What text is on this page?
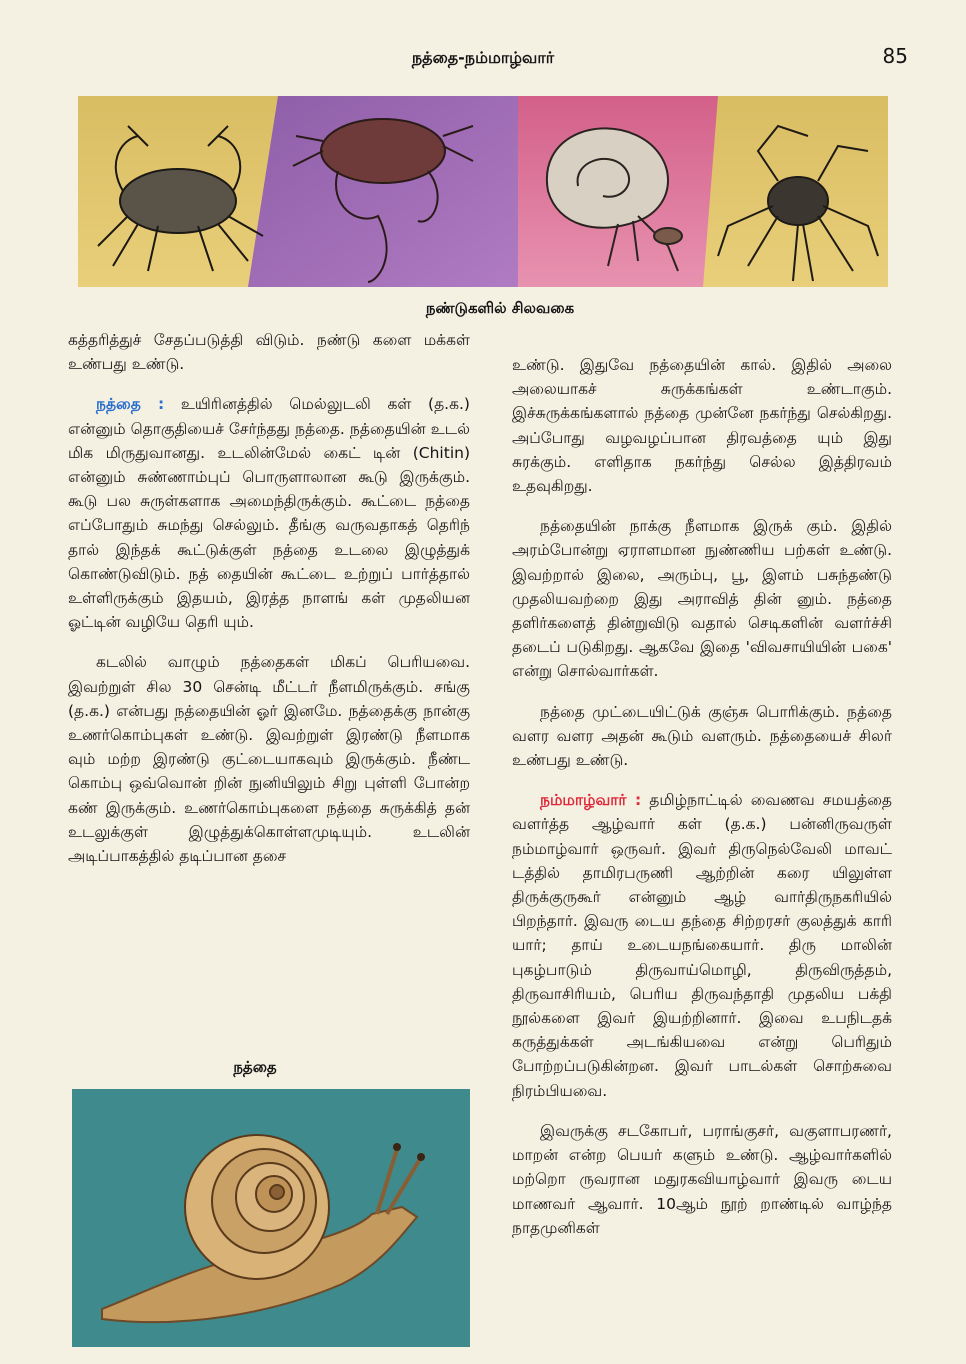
நத்தை-நம்மாழ்வார்	85
நண்டுகளில் சிலவகை

கத்தரித்துச் சேதப்படுத்தி விடும். நண்டு களை மக்கள் உண்பது உண்டு.

நத்தை : உயிரினத்தில் மெல்லுடலி கள் (த.க.) என்னும் தொகுதியைச் சேர்ந்தது நத்தை. நத்தையின் உடல் மிக மிருதுவானது. உடலின்மேல் கைட் டின் (Chitin) என்னும் சுண்ணாம்புப் பொருளாலான கூடு இருக்கும். கூடு பல சுருள்களாக அமைந்திருக்கும். கூட்டை நத்தை எப்போதும் சுமந்து செல்லும். தீங்கு வருவதாகத் தெரிந் தால் இந்தக் கூட்டுக்குள் நத்தை உடலை இழுத்துக் கொண்டுவிடும். நத் தையின் கூட்டை உற்றுப் பார்த்தால் உள்ளிருக்கும் இதயம், இரத்த நாளங் கள் முதலியன ஓட்டின் வழியே தெரி யும்.

கடலில் வாழும் நத்தைகள் மிகப் பெரியவை. இவற்றுள் சில 30 சென்டி மீட்டர் நீளமிருக்கும். சங்கு (த.க.) என்பது நத்தையின் ஓர் இனமே. நத்தைக்கு நான்கு உணர்கொம்புகள் உண்டு. இவற்றுள் இரண்டு நீளமாக வும் மற்ற இரண்டு குட்டையாகவும் இருக்கும். நீண்ட கொம்பு ஒவ்வொன் றின் நுனியிலும் சிறு புள்ளி போன்ற கண் இருக்கும். உணர்கொம்புகளை நத்தை சுருக்கித் தன் உடலுக்குள் இழுத்துக்கொள்ளமுடியும். உடலின் அடிப்பாகத்தில் தடிப்பான தசை

நத்தை

உண்டு. இதுவே நத்தையின் கால். இதில் அலை அலையாகச் சுருக்கங்கள் உண்டாகும். இச்சுருக்கங்களால் நத்தை முன்னே நகர்ந்து செல்கிறது. அப்போது வழவழப்பான திரவத்தை யும் இது சுரக்கும். எளிதாக நகர்ந்து செல்ல இத்திரவம் உதவுகிறது.

நத்தையின் நாக்கு நீளமாக இருக் கும். இதில் அரம்போன்று ஏராளமான நுண்ணிய பற்கள் உண்டு. இவற்றால் இலை, அரும்பு, பூ, இளம் பசுந்தண்டு முதலியவற்றை இது அராவித் தின் னும். நத்தை தளிர்களைத் தின்றுவிடு வதால் செடிகளின் வளர்ச்சி தடைப் படுகிறது. ஆகவே இதை 'விவசாயியின் பகை' என்று சொல்வார்கள்.

நத்தை முட்டையிட்டுக் குஞ்சு பொரிக்கும். நத்தை வளர வளர அதன் கூடும் வளரும். நத்தையைச் சிலர் உண்பது உண்டு.

நம்மாழ்வார் : தமிழ்நாட்டில் வைணவ சமயத்தை வளர்த்த ஆழ்வார் கள் (த.க.) பன்னிருவருள் நம்மாழ்வார் ஒருவர். இவர் திருநெல்வேலி மாவட் டத்தில் தாமிரபருணி ஆற்றின் கரை யிலுள்ள திருக்குருகூர் என்னும் ஆழ் வார்திருநகரியில் பிறந்தார். இவரு டைய தந்தை சிற்றரசர் குலத்துக் காரி யார்; தாய் உடையநங்கையார். திரு மாலின் புகழ்பாடும் திருவாய்மொழி, திருவிருத்தம், திருவாசிரியம், பெரிய திருவந்தாதி முதலிய பக்தி நூல்களை இவர் இயற்றினார். இவை உபநிடதக் கருத்துக்கள் அடங்கியவை என்று பெரிதும் போற்றப்படுகின்றன. இவர் பாடல்கள் சொற்சுவை நிரம்பியவை.

இவருக்கு சடகோபர், பராங்குசர், வகுளாபரணர், மாறன் என்ற பெயர் களும் உண்டு. ஆழ்வார்களில் மற்றொ ருவரான மதுரகவியாழ்வார் இவரு டைய மாணவர் ஆவார். 10ஆம் நூற் றாண்டில் வாழ்ந்த நாதமுனிகள்
